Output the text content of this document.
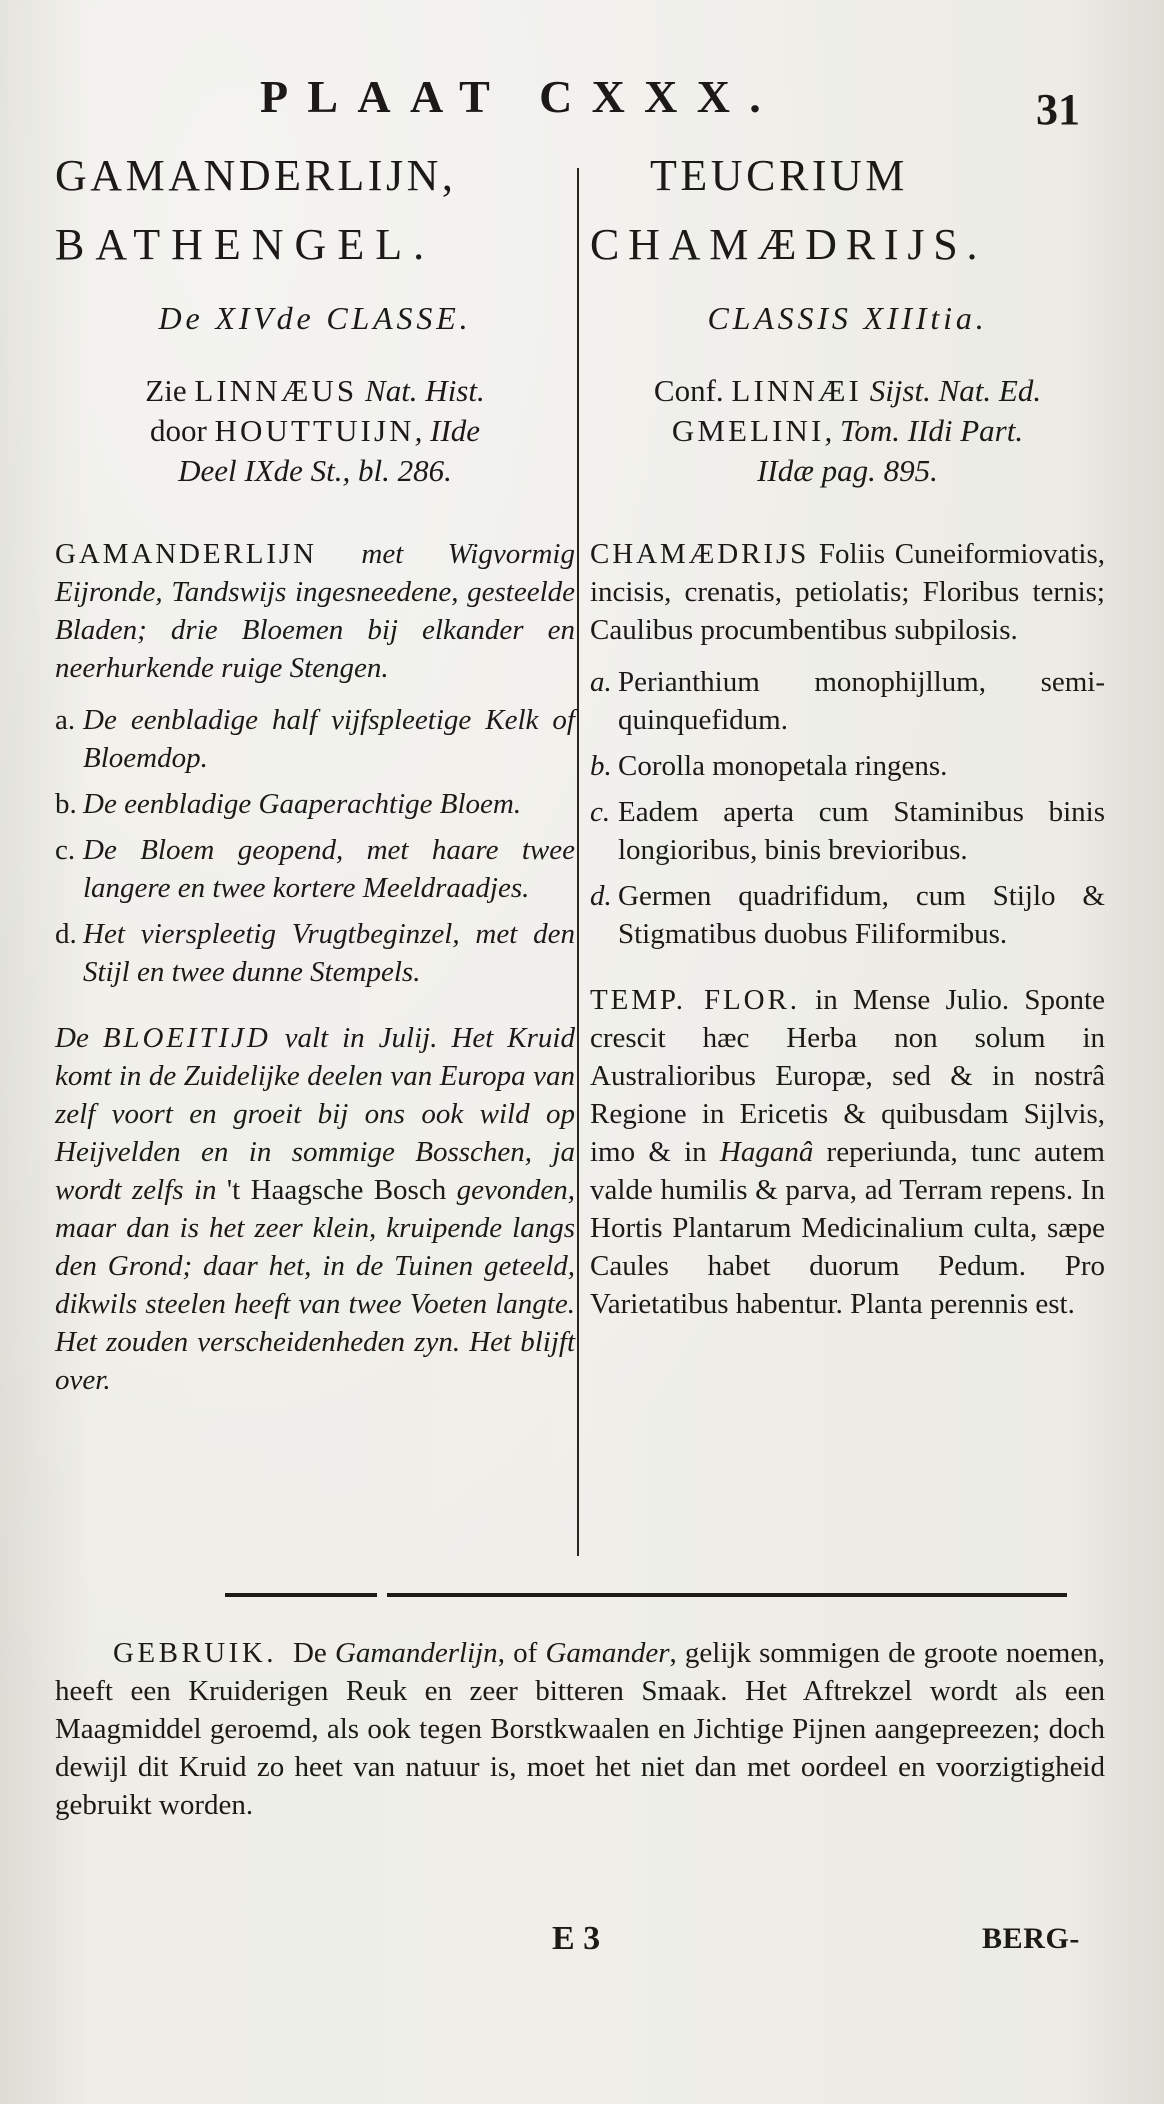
PLAAT CXXX.	31
GAMANDERLIJN,
BATHENGEL.
De XIVde CLASSE.
Zie LINNÆUS Nat. Hist.
door HOUTTUIJN, IIde
Deel IXde St., bl. 286.
GAMANDERLIJN met Wigvormig Eijronde, Tandswijs ingesneedene, gesteelde Bladen; drie Bloemen bij elkander en neerhurkende ruige Stengen.
a. De eenbladige half vijfspleetige Kelk of Bloemdop.
b. De eenbladige Gaaperachtige Bloem.
c. De Bloem geopend, met haare twee langere en twee kortere Meeldraadjes.
d. Het vierspleetig Vrugtbeginzel, met den Stijl en twee dunne Stempels.
De BLOEITIJD valt in Julij. Het Kruid komt in de Zuidelijke deelen van Europa van zelf voort en groeit bij ons ook wild op Heijvelden en in sommige Bosschen, ja wordt zelfs in 't Haagsche Bosch gevonden, maar dan is het zeer klein, kruipende langs den Grond; daar het, in de Tuinen geteeld, dikwils steelen heeft van twee Voeten langte. Het zouden verscheidenheden zyn. Het blijft over.
TEUCRIUM
CHAMÆDRIJS.
CLASSIS XIIItia.
Conf. LINNÆI Sijst. Nat. Ed.
GMELINI, Tom. IIdi Part.
IIdæ pag. 895.
CHAMÆDRIJS Foliis Cuneiformiovatis, incisis, crenatis, petiolatis; Floribus ternis; Caulibus procumbentibus subpilosis.
a. Perianthium monophijllum, semi-quinquefidum.
b. Corolla monopetala ringens.
c. Eadem aperta cum Staminibus binis longioribus, binis brevioribus.
d. Germen quadrifidum, cum Stijlo & Stigmatibus duobus Filiformibus.
TEMP. FLOR. in Mense Julio. Sponte crescit hæc Herba non solum in Australioribus Europæ, sed & in nostrâ Regione in Ericetis & quibusdam Sijlvis, imo & in Haganâ reperiunda, tunc autem valde humilis & parva, ad Terram repens. In Hortis Plantarum Medicinalium culta, sæpe Caules habet duorum Pedum. Pro Varietatibus habentur. Planta perennis est.
GEBRUIK. De Gamanderlijn, of Gamander, gelijk sommigen de groote noemen, heeft een Kruiderigen Reuk en zeer bitteren Smaak. Het Aftrekzel wordt als een Maagmiddel geroemd, als ook tegen Borstkwaalen en Jichtige Pijnen aangepreezen; doch dewijl dit Kruid zo heet van natuur is, moet het niet dan met oordeel en voorzigtigheid gebruikt worden.
E 3	BERG-
